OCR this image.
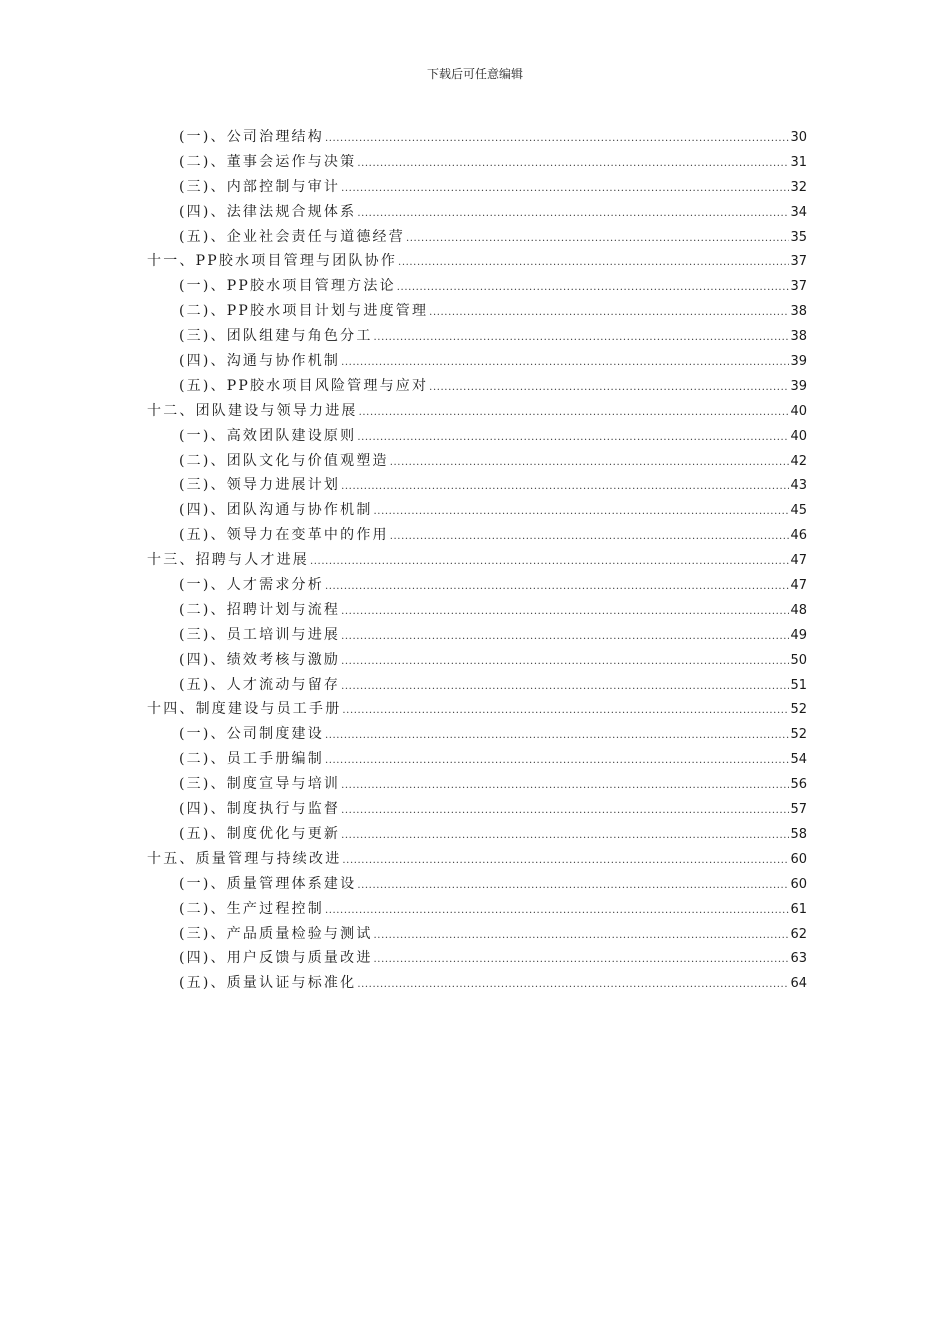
下载后可任意编辑
(一)、公司治理结构 .....	30
(二)、董事会运作与决策 .....	31
(三)、内部控制与审计 .....	32
(四)、法律法规合规体系 .....	34
(五)、企业社会责任与道德经营 .....	35
十一、PP胶水项目管理与团队协作 .....	37
(一)、PP胶水项目管理方法论 .....	37
(二)、PP胶水项目计划与进度管理 .....	38
(三)、团队组建与角色分工 .....	38
(四)、沟通与协作机制 .....	39
(五)、PP胶水项目风险管理与应对 .....	39
十二、团队建设与领导力进展 .....	40
(一)、高效团队建设原则 .....	40
(二)、团队文化与价值观塑造 .....	42
(三)、领导力进展计划 .....	43
(四)、团队沟通与协作机制 .....	45
(五)、领导力在变革中的作用 .....	46
十三、招聘与人才进展 .....	47
(一)、人才需求分析 .....	47
(二)、招聘计划与流程 .....	48
(三)、员工培训与进展 .....	49
(四)、绩效考核与激励 .....	50
(五)、人才流动与留存 .....	51
十四、制度建设与员工手册 .....	52
(一)、公司制度建设 .....	52
(二)、员工手册编制 .....	54
(三)、制度宣导与培训 .....	56
(四)、制度执行与监督 .....	57
(五)、制度优化与更新 .....	58
十五、质量管理与持续改进 .....	60
(一)、质量管理体系建设 .....	60
(二)、生产过程控制 .....	61
(三)、产品质量检验与测试 .....	62
(四)、用户反馈与质量改进 .....	63
(五)、质量认证与标准化 .....	64
